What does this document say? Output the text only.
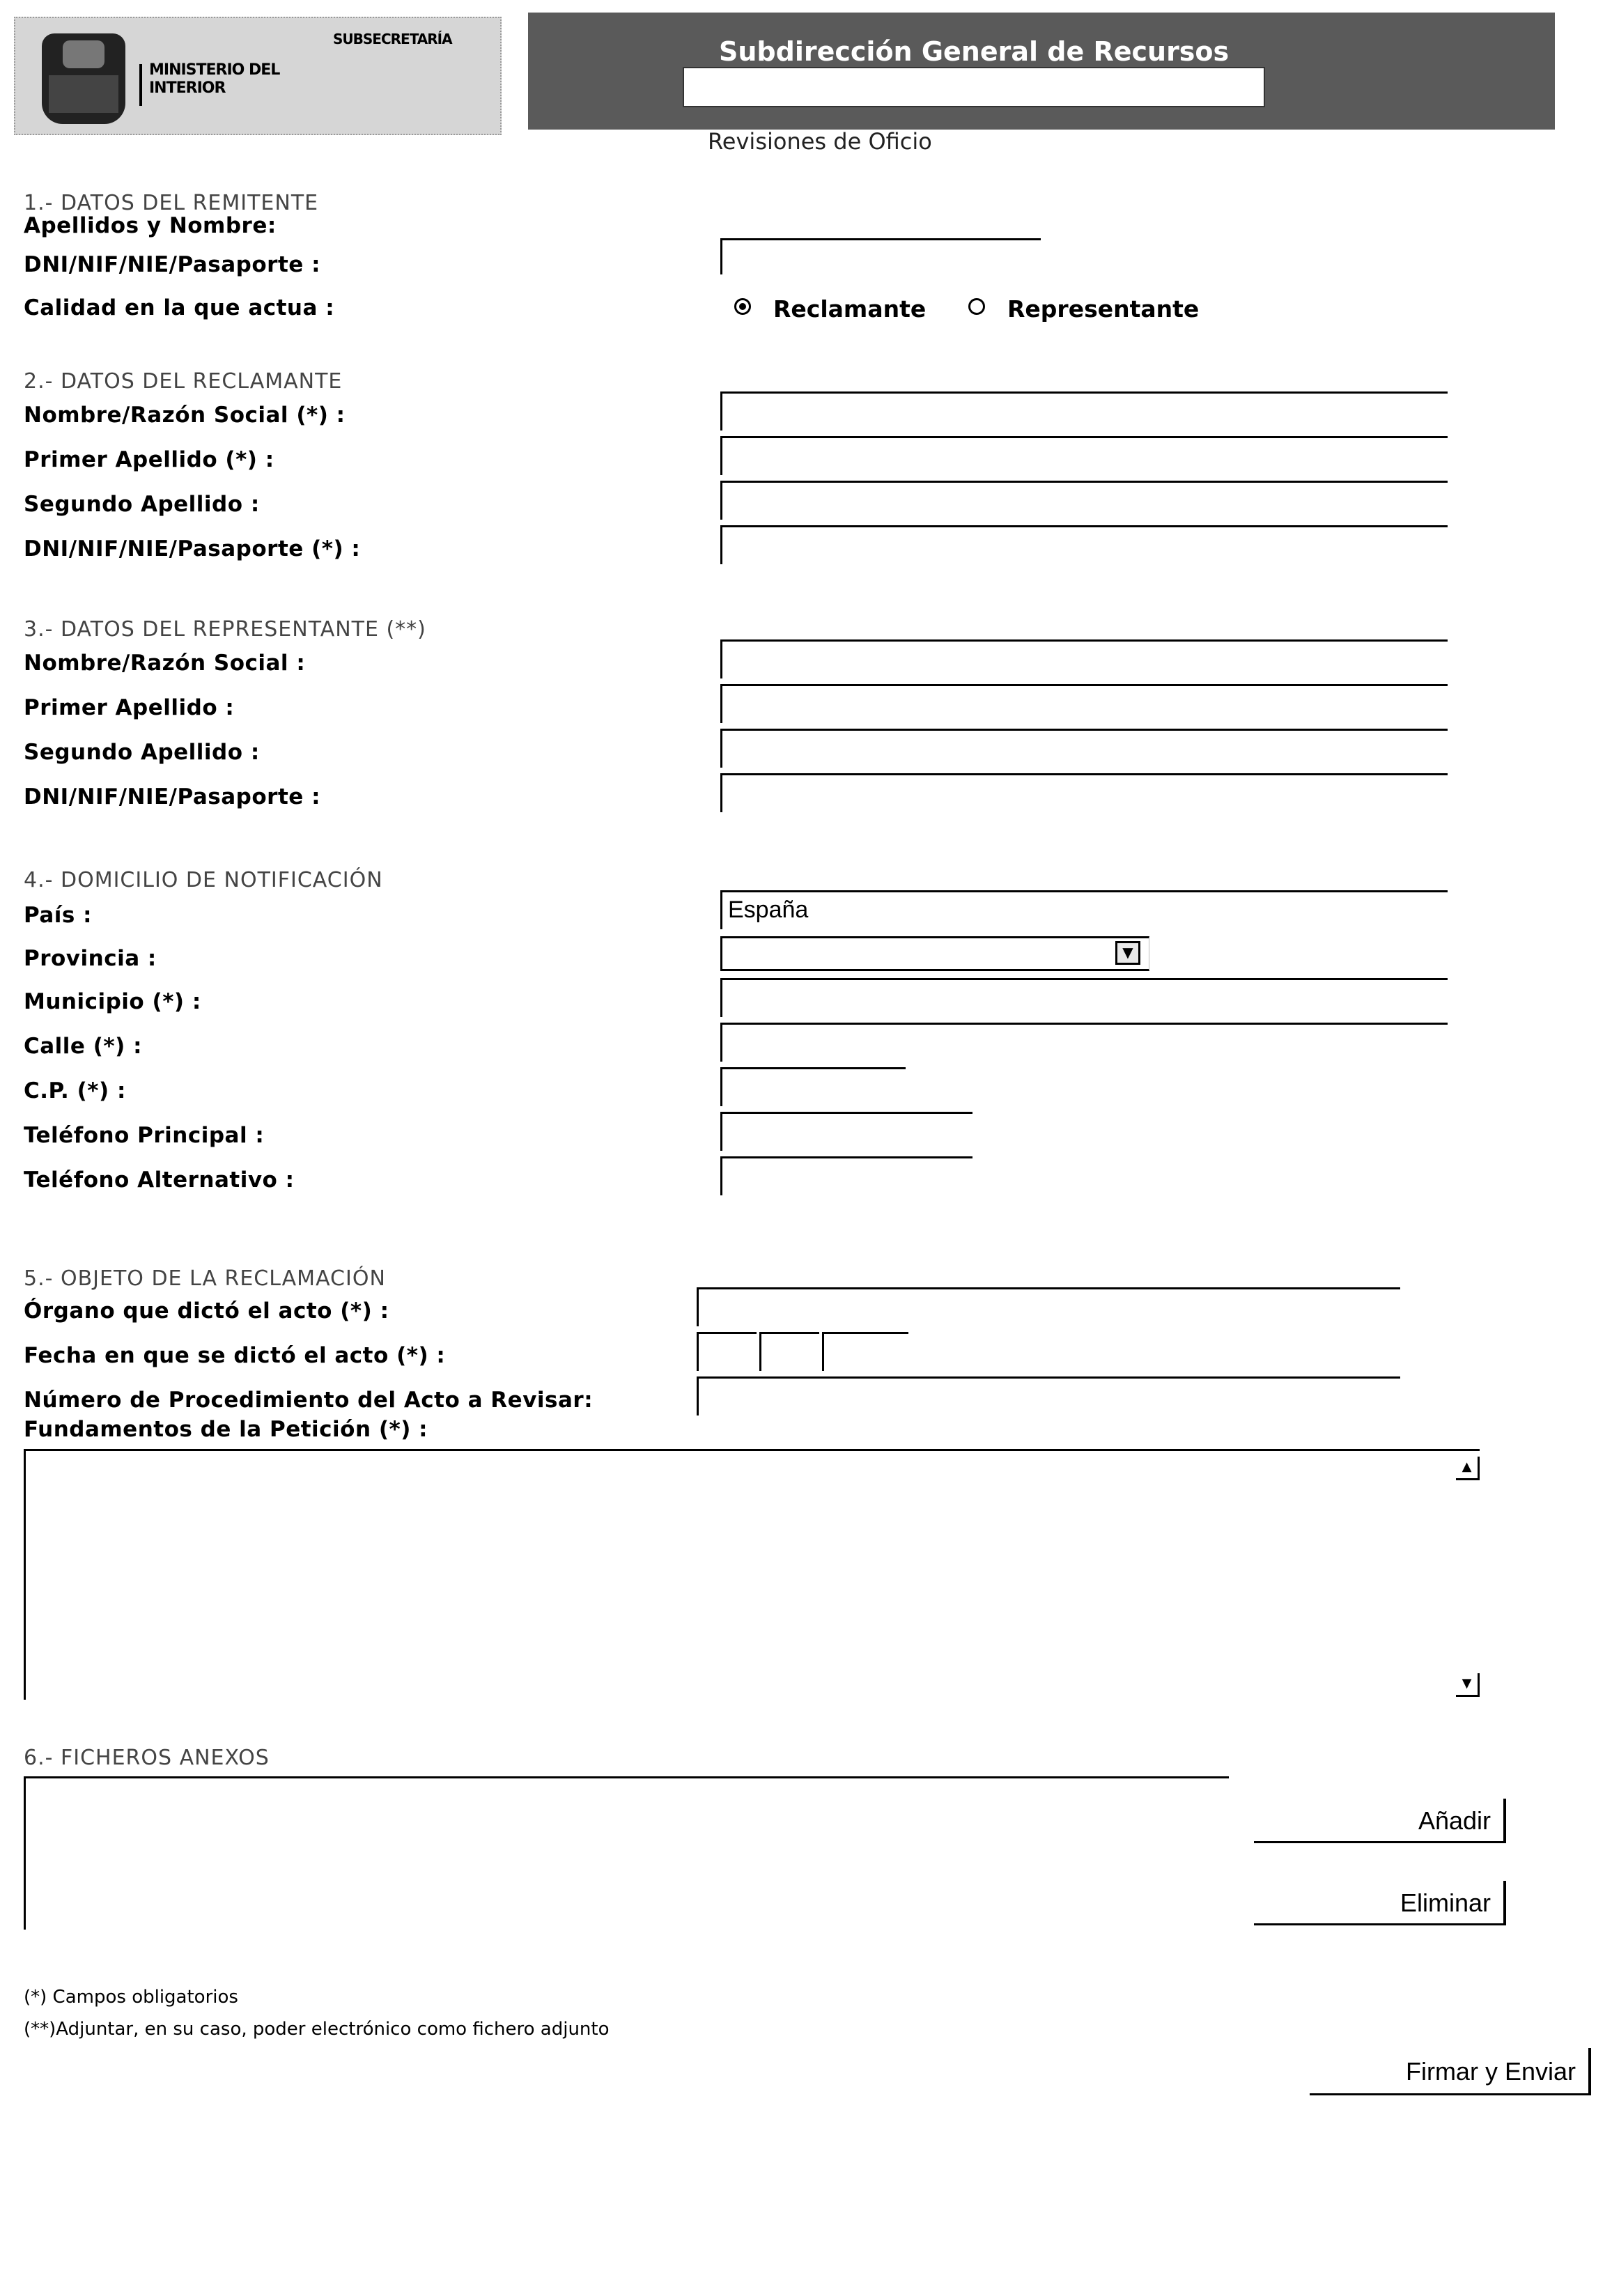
MINISTERIO DEL
INTERIOR
SUBSECRETARÍA	Subdirección General de Recursos
Revisiones de Oficio
1.- DATOS DEL REMITENTE
Apellidos y Nombre:
DNI/NIF/NIE/Pasaporte :
Calidad en la que actua :	Reclamante	Representante
2.- DATOS DEL RECLAMANTE
Nombre/Razón Social (*) :
Primer Apellido (*) :
Segundo Apellido :
DNI/NIF/NIE/Pasaporte (*) :
3.- DATOS DEL REPRESENTANTE (**)
Nombre/Razón Social :
Primer Apellido :
Segundo Apellido :
DNI/NIF/NIE/Pasaporte :
4.- DOMICILIO DE NOTIFICACIÓN
País :	España
Provincia :	▼
Municipio (*) :
Calle (*) :
C.P. (*) :
Teléfono Principal :
Teléfono Alternativo :
5.- OBJETO DE LA RECLAMACIÓN
Órgano que dictó el acto (*) :
Fecha en que se dictó el acto (*) :
Número de Procedimiento del Acto a Revisar:
Fundamentos de la Petición (*) :
▲
▼
6.- FICHEROS ANEXOS
Añadir
Eliminar
(*) Campos obligatorios
(**)Adjuntar, en su caso, poder electrónico como fichero adjunto
Firmar y Enviar
